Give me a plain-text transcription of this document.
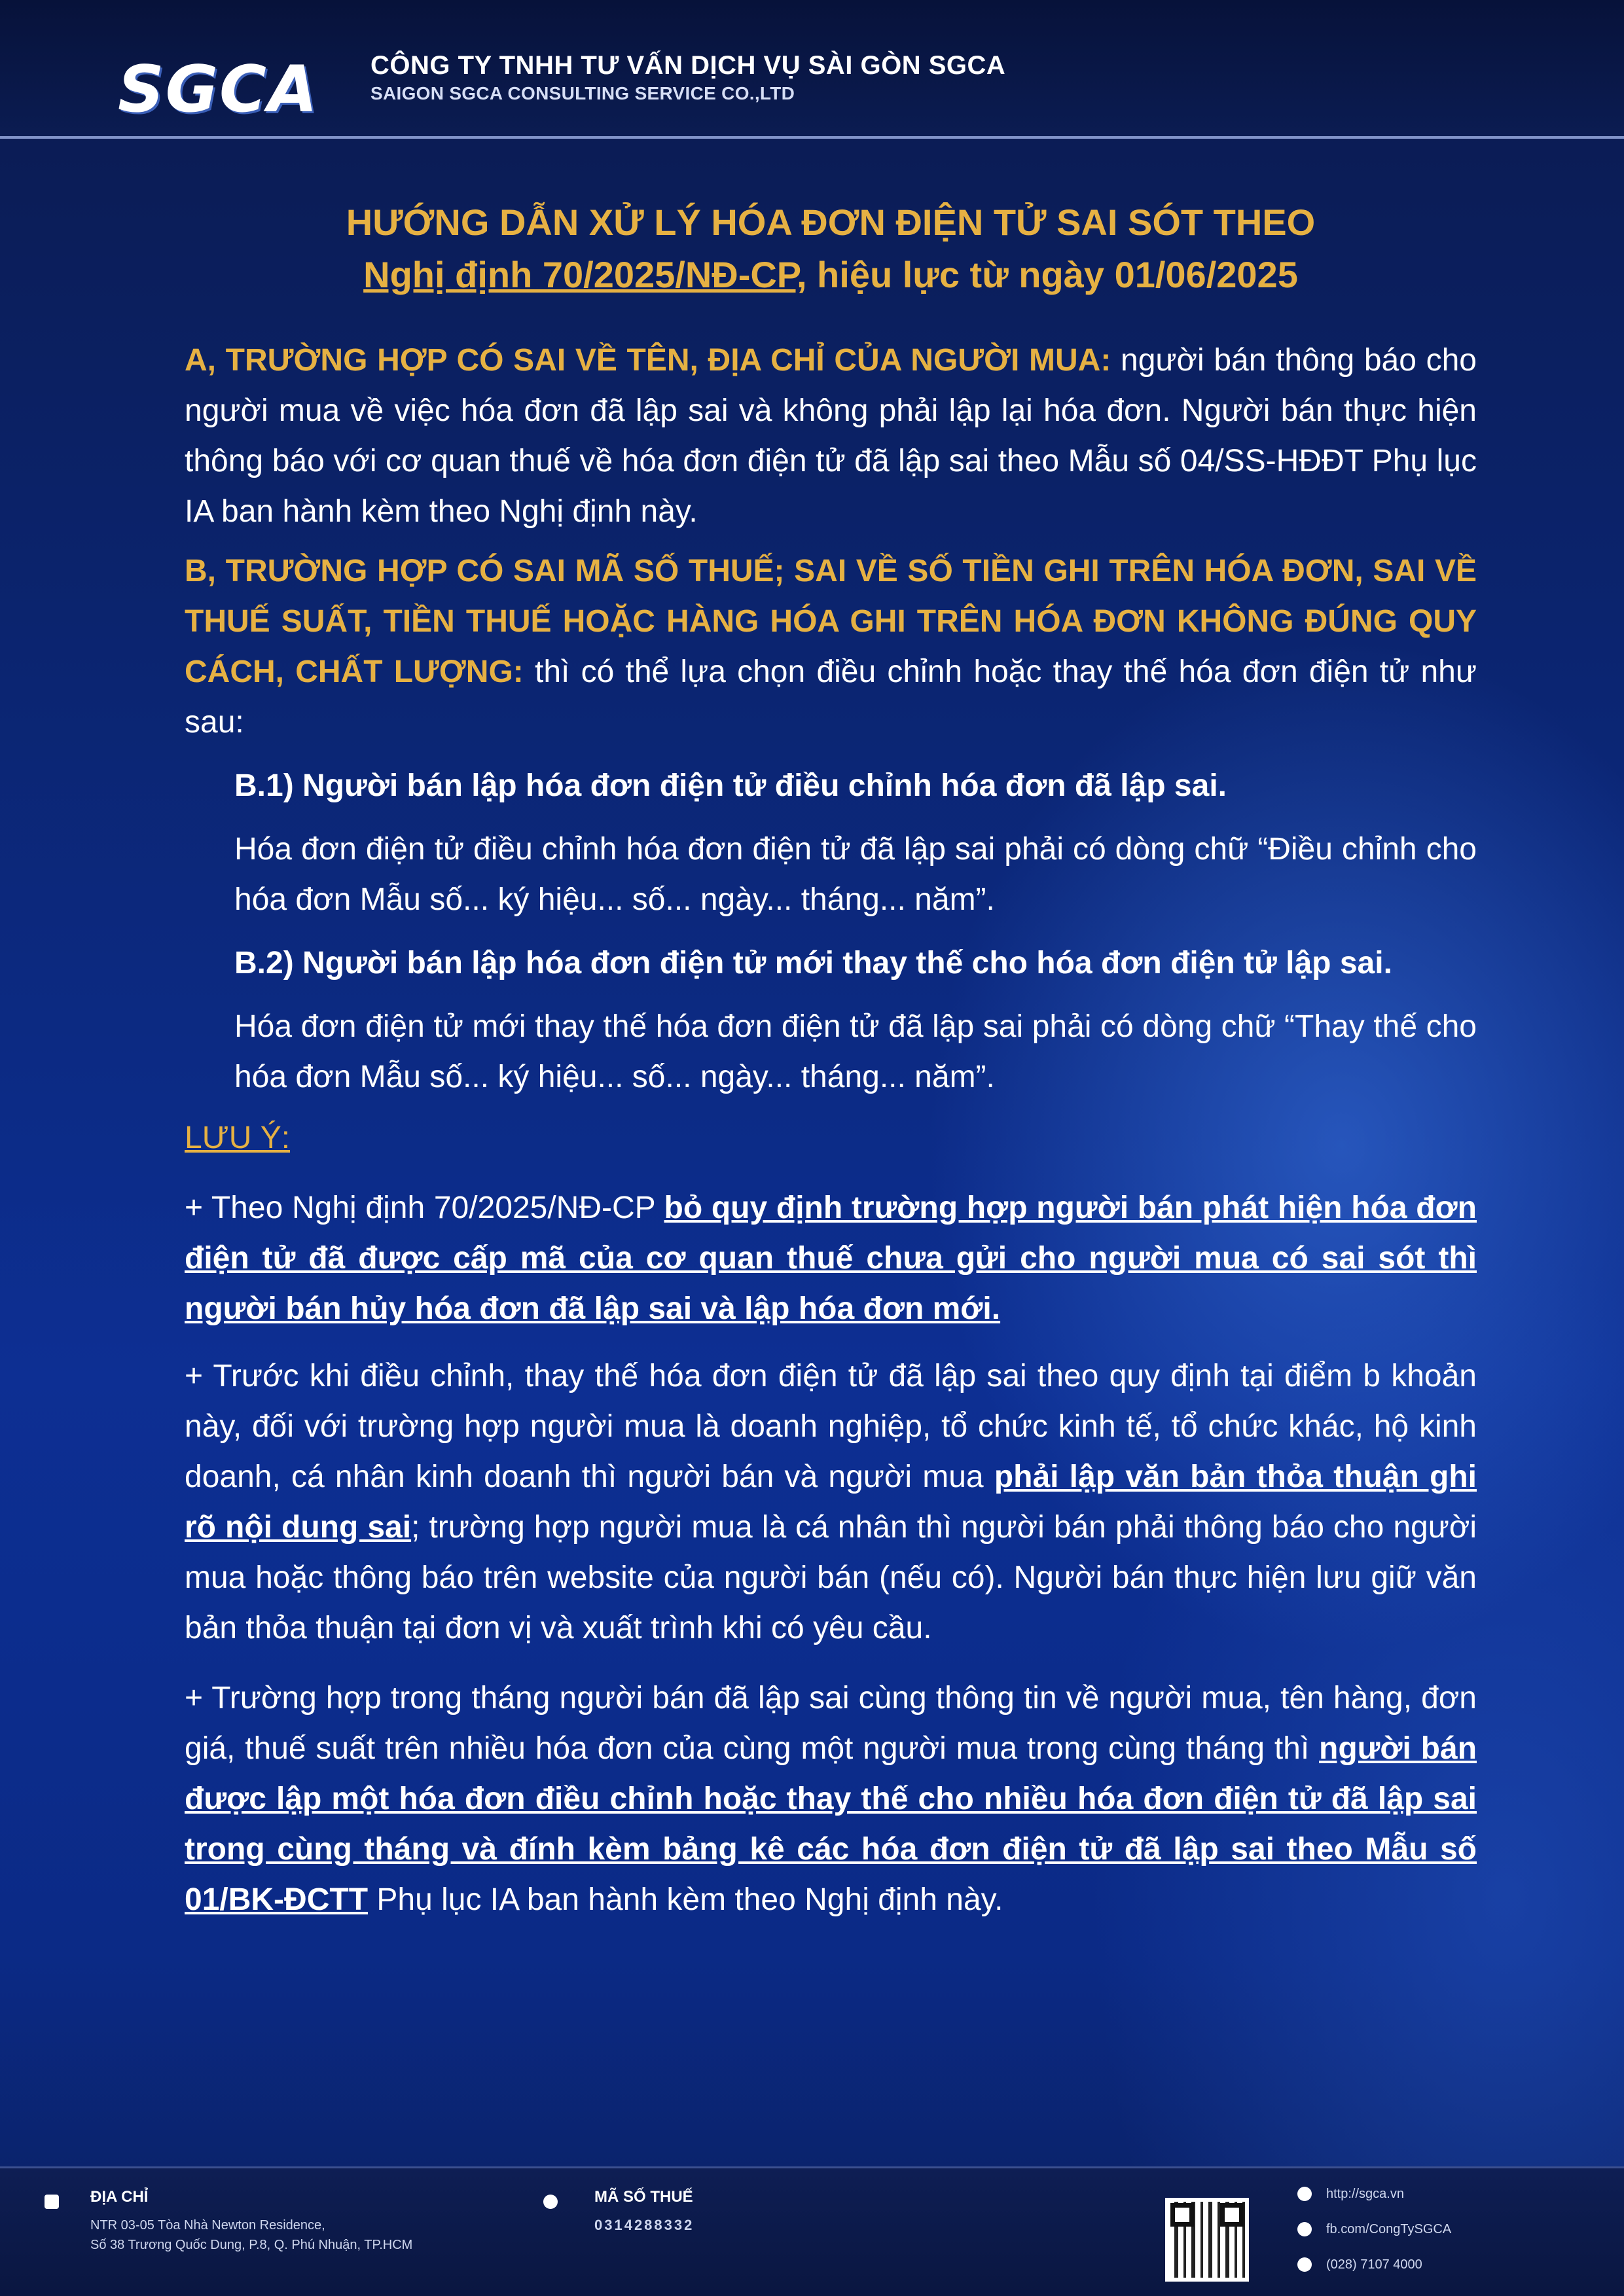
SGCA CÔNG TY TNHH TƯ VẤN DỊCH VỤ SÀI GÒN SGCA
SAIGON SGCA CONSULTING SERVICE CO.,LTD
HƯỚNG DẪN XỬ LÝ HÓA ĐƠN ĐIỆN TỬ SAI SÓT THEO
Nghị định 70/2025/NĐ-CP, hiệu lực từ ngày 01/06/2025

A, TRƯỜNG HỢP CÓ SAI VỀ TÊN, ĐỊA CHỈ CỦA NGƯỜI MUA: người bán thông báo cho người mua về việc hóa đơn đã lập sai và không phải lập lại hóa đơn. Người bán thực hiện thông báo với cơ quan thuế về hóa đơn điện tử đã lập sai theo Mẫu số 04/SS-HĐĐT Phụ lục IA ban hành kèm theo Nghị định này.

B, TRƯỜNG HỢP CÓ SAI MÃ SỐ THUẾ; SAI VỀ SỐ TIỀN GHI TRÊN HÓA ĐƠN, SAI VỀ THUẾ SUẤT, TIỀN THUẾ HOẶC HÀNG HÓA GHI TRÊN HÓA ĐƠN KHÔNG ĐÚNG QUY CÁCH, CHẤT LƯỢNG: thì có thể lựa chọn điều chỉnh hoặc thay thế hóa đơn điện tử như sau:

B.1) Người bán lập hóa đơn điện tử điều chỉnh hóa đơn đã lập sai.

Hóa đơn điện tử điều chỉnh hóa đơn điện tử đã lập sai phải có dòng chữ “Điều chỉnh cho hóa đơn Mẫu số... ký hiệu... số... ngày... tháng... năm”.

B.2) Người bán lập hóa đơn điện tử mới thay thế cho hóa đơn điện tử lập sai.

Hóa đơn điện tử mới thay thế hóa đơn điện tử đã lập sai phải có dòng chữ “Thay thế cho hóa đơn Mẫu số... ký hiệu... số... ngày... tháng... năm”.

LƯU Ý:

+ Theo Nghị định 70/2025/NĐ-CP bỏ quy định trường hợp người bán phát hiện hóa đơn điện tử đã được cấp mã của cơ quan thuế chưa gửi cho người mua có sai sót thì người bán hủy hóa đơn đã lập sai và lập hóa đơn mới.

+ Trước khi điều chỉnh, thay thế hóa đơn điện tử đã lập sai theo quy định tại điểm b khoản này, đối với trường hợp người mua là doanh nghiệp, tổ chức kinh tế, tổ chức khác, hộ kinh doanh, cá nhân kinh doanh thì người bán và người mua phải lập văn bản thỏa thuận ghi rõ nội dung sai; trường hợp người mua là cá nhân thì người bán phải thông báo cho người mua hoặc thông báo trên website của người bán (nếu có). Người bán thực hiện lưu giữ văn bản thỏa thuận tại đơn vị và xuất trình khi có yêu cầu.

+ Trường hợp trong tháng người bán đã lập sai cùng thông tin về người mua, tên hàng, đơn giá, thuế suất trên nhiều hóa đơn của cùng một người mua trong cùng tháng thì người bán được lập một hóa đơn điều chỉnh hoặc thay thế cho nhiều hóa đơn điện tử đã lập sai trong cùng tháng và đính kèm bảng kê các hóa đơn điện tử đã lập sai theo Mẫu số 01/BK-ĐCTT Phụ lục IA ban hành kèm theo Nghị định này.

ĐỊA CHỈ
NTR 03-05 Tòa Nhà Newton Residence,
Số 38 Trương Quốc Dung, P.8, Q. Phú Nhuận, TP.HCM
MÃ SỐ THUẾ
0314288332
http://sgca.vn
fb.com/CongTySGCA
(028) 7107 4000
